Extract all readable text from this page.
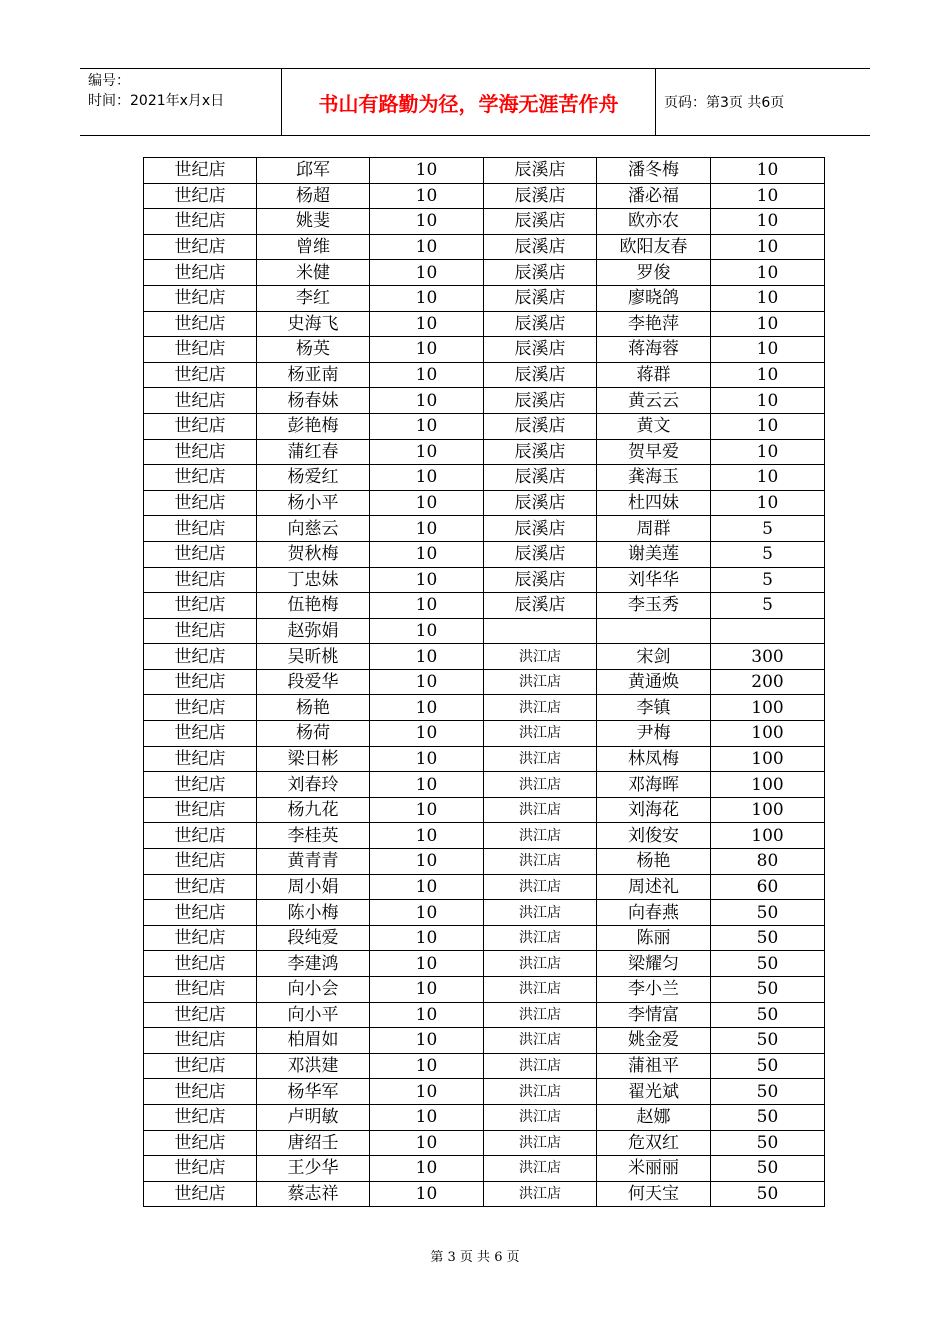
编号：
时间：2021年x月x日	书山有路勤为径，学海无涯苦作舟	页码：第3页 共6页
世纪店	邱军	10	辰溪店	潘冬梅	10
世纪店	杨超	10	辰溪店	潘必福	10
世纪店	姚斐	10	辰溪店	欧亦农	10
世纪店	曾维	10	辰溪店	欧阳友春	10
世纪店	米健	10	辰溪店	罗俊	10
世纪店	李红	10	辰溪店	廖晓鸽	10
世纪店	史海飞	10	辰溪店	李艳萍	10
世纪店	杨英	10	辰溪店	蒋海蓉	10
世纪店	杨亚南	10	辰溪店	蒋群	10
世纪店	杨春妹	10	辰溪店	黄云云	10
世纪店	彭艳梅	10	辰溪店	黄文	10
世纪店	蒲红春	10	辰溪店	贺早爱	10
世纪店	杨爱红	10	辰溪店	龚海玉	10
世纪店	杨小平	10	辰溪店	杜四妹	10
世纪店	向慈云	10	辰溪店	周群	5
世纪店	贺秋梅	10	辰溪店	谢美莲	5
世纪店	丁忠妹	10	辰溪店	刘华华	5
世纪店	伍艳梅	10	辰溪店	李玉秀	5
世纪店	赵弥娟	10			
世纪店	吴昕桃	10	洪江店	宋剑	300
世纪店	段爱华	10	洪江店	黄通焕	200
世纪店	杨艳	10	洪江店	李镇	100
世纪店	杨荷	10	洪江店	尹梅	100
世纪店	梁日彬	10	洪江店	林凤梅	100
世纪店	刘春玲	10	洪江店	邓海晖	100
世纪店	杨九花	10	洪江店	刘海花	100
世纪店	李桂英	10	洪江店	刘俊安	100
世纪店	黄青青	10	洪江店	杨艳	80
世纪店	周小娟	10	洪江店	周述礼	60
世纪店	陈小梅	10	洪江店	向春燕	50
世纪店	段纯爱	10	洪江店	陈丽	50
世纪店	李建鸿	10	洪江店	梁耀匀	50
世纪店	向小会	10	洪江店	李小兰	50
世纪店	向小平	10	洪江店	李情富	50
世纪店	柏眉如	10	洪江店	姚金爱	50
世纪店	邓洪建	10	洪江店	蒲祖平	50
世纪店	杨华军	10	洪江店	翟光斌	50
世纪店	卢明敏	10	洪江店	赵娜	50
世纪店	唐绍壬	10	洪江店	危双红	50
世纪店	王少华	10	洪江店	米丽丽	50
世纪店	蔡志祥	10	洪江店	何天宝	50
第 3 页 共 6 页
